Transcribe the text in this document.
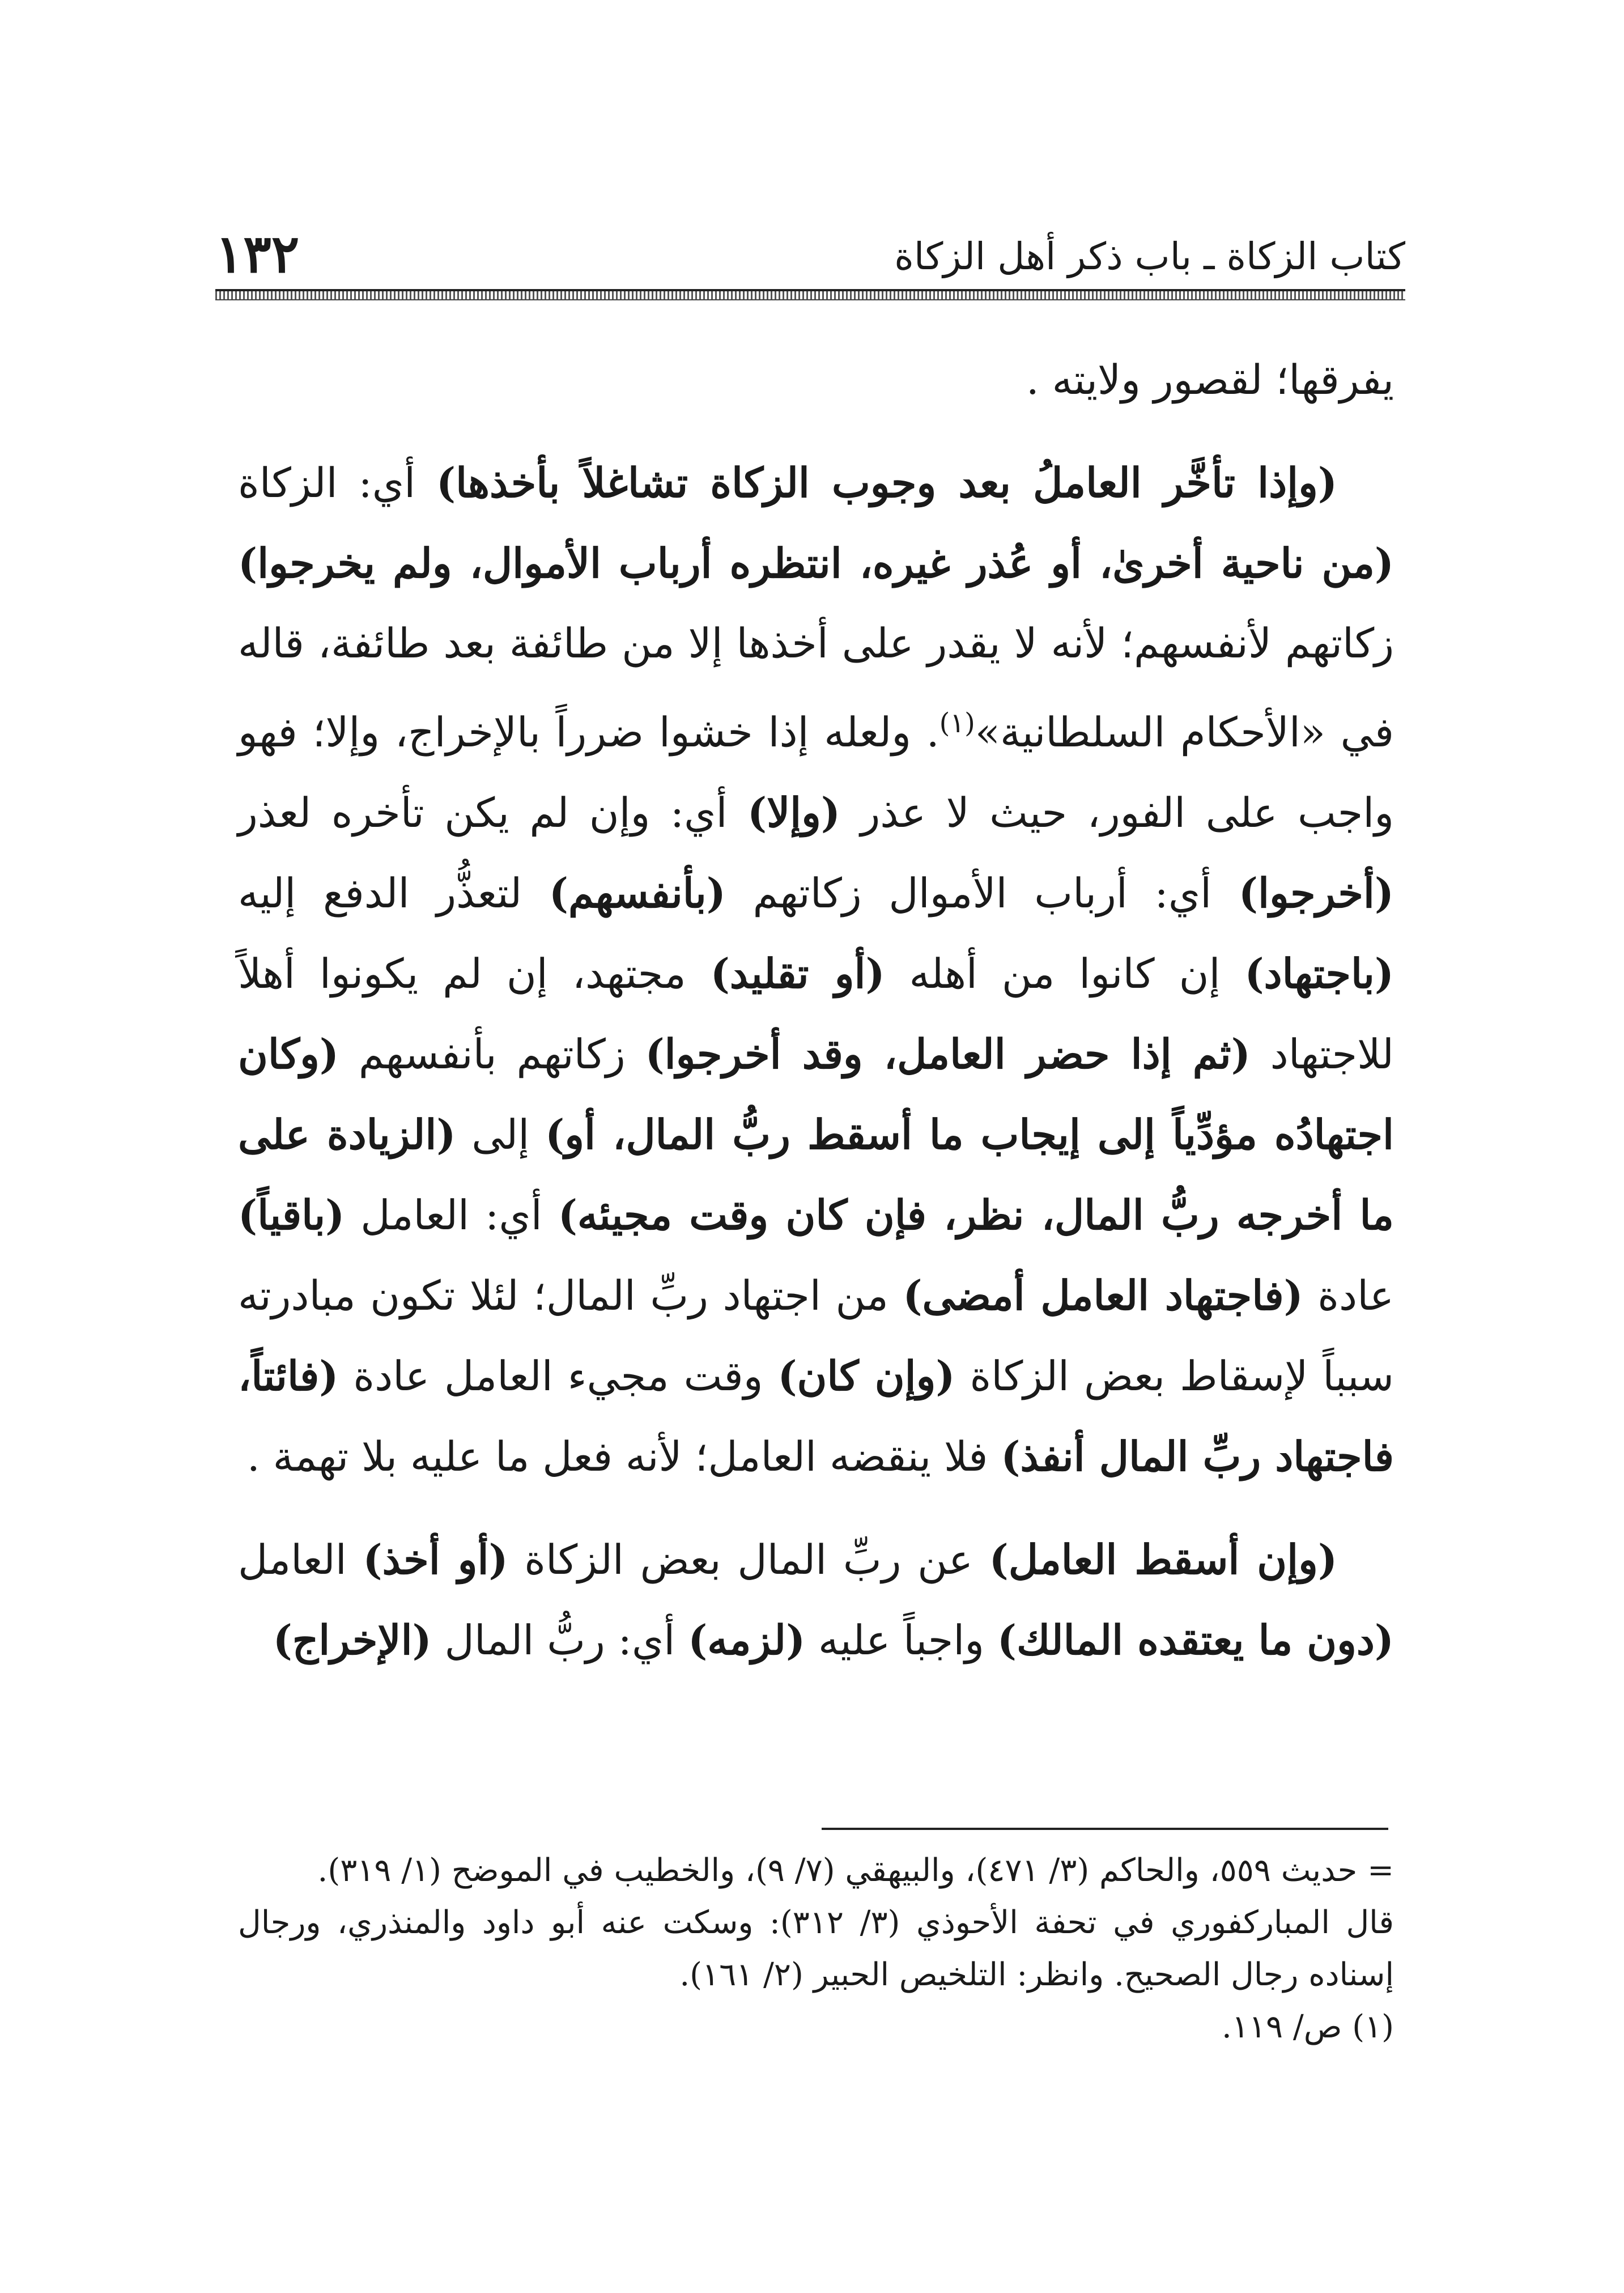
كتاب الزكاة ـ باب ذكر أهل الزكاة
١٣٢

يفرقها؛ لقصور ولايته .

(وإذا تأخَّر العاملُ بعد وجوب الزكاة تشاغلاً بأخذها) أي: الزكاة (من ناحية أخرىٰ، أو عُذر غيره، انتظره أرباب الأموال، ولم يخرجوا) زكاتهم لأنفسهم؛ لأنه لا يقدر على أخذها إلا من طائفة بعد طائفة، قاله في «الأحكام السلطانية»$^{(١)}$. ولعله إذا خشوا ضرراً بالإخراج، وإلا؛ فهو واجب على الفور، حيث لا عذر (وإلا) أي: وإن لم يكن تأخره لعذر (أخرجوا) أي: أرباب الأموال زكاتهم (بأنفسهم) لتعذُّر الدفع إليه (باجتهاد) إن كانوا من أهله (أو تقليد) مجتهد، إن لم يكونوا أهلاً للاجتهاد (ثم إذا حضر العامل، وقد أخرجوا) زكاتهم بأنفسهم (وكان اجتهادُه مؤدِّياً إلى إيجاب ما أسقط ربُّ المال، أو) إلى (الزيادة على ما أخرجه ربُّ المال، نظر، فإن كان وقت مجيئه) أي: العامل (باقياً) عادة (فاجتهاد العامل أمضى) من اجتهاد ربِّ المال؛ لئلا تكون مبادرته سبباً لإسقاط بعض الزكاة (وإن كان) وقت مجيء العامل عادة (فائتاً، فاجتهاد ربِّ المال أنفذ) فلا ينقضه العامل؛ لأنه فعل ما عليه بلا تهمة .

(وإن أسقط العامل) عن ربِّ المال بعض الزكاة (أو أخذ) العامل (دون ما يعتقده المالك) واجباً عليه (لزمه) أي: ربُّ المال (الإخراج)

= حديث ٥٥٩، والحاكم (٣/ ٤٧١)، والبيهقي (٧/ ٩)، والخطيب في الموضح (١/ ٣١٩).

قال المباركفوري في تحفة الأحوذي (٣/ ٣١٢): وسكت عنه أبو داود والمنذري، ورجال إسناده رجال الصحيح. وانظر: التلخيص الحبير (٢/ ١٦١).

(١) ص/ ١١٩.
